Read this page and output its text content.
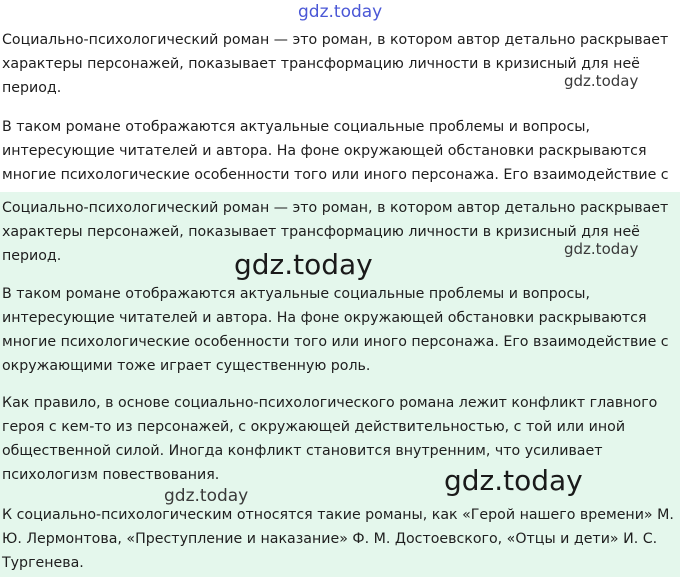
Социально-психологический роман — это роман, в котором автор детально раскрывает
характеры персонажей, показывает трансформацию личности в кризисный для неё
период.
В таком романе отображаются актуальные социальные проблемы и вопросы,
интересующие читателей и автора. На фоне окружающей обстановки раскрываются
многие психологические особенности того или иного персонажа. Его взаимодействие с
Социально-психологический роман — это роман, в котором автор детально раскрывает
характеры персонажей, показывает трансформацию личности в кризисный для неё
период.
В таком романе отображаются актуальные социальные проблемы и вопросы,
интересующие читателей и автора. На фоне окружающей обстановки раскрываются
многие психологические особенности того или иного персонажа. Его взаимодействие с
окружающими тоже играет существенную роль.
Как правило, в основе социально-психологического романа лежит конфликт главного
героя с кем-то из персонажей, с окружающей действительностью, с той или иной
общественной силой. Иногда конфликт становится внутренним, что усиливает
психологизм повествования.
К социально-психологическим относятся такие романы, как «Герой нашего времени» М.
Ю. Лермонтова, «Преступление и наказание» Ф. М. Достоевского, «Отцы и дети» И. С.
Тургенева.
gdz.today
gdz.today
gdz.today
gdz.today
gdz.today
gdz.today
